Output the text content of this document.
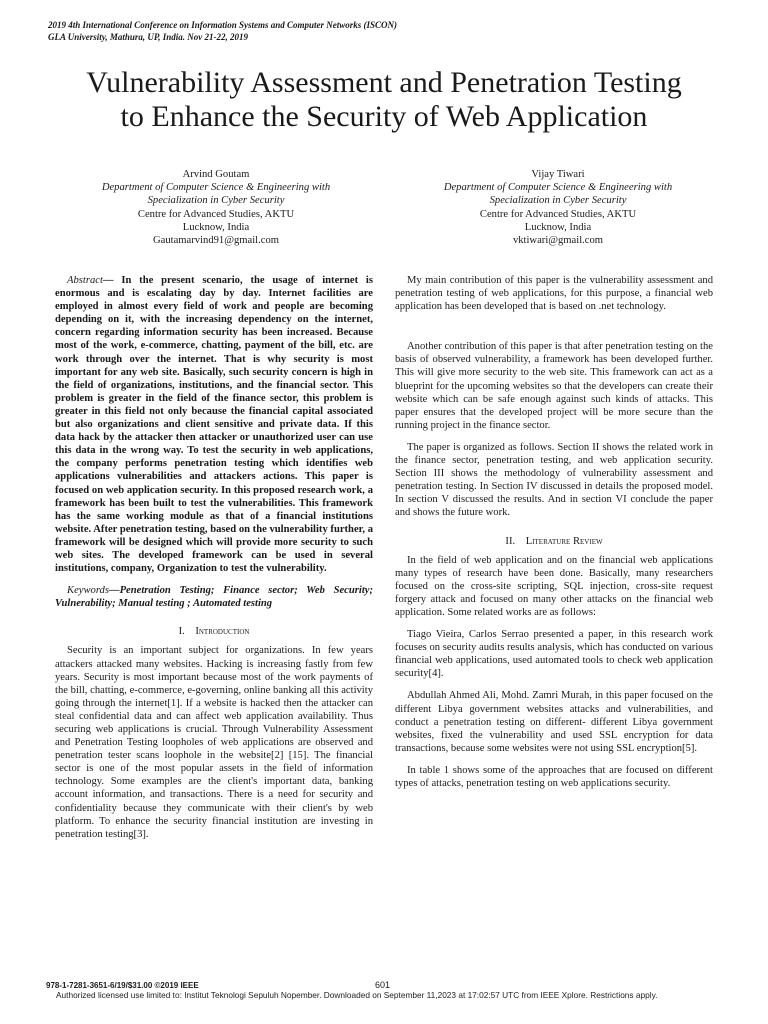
2019 4th International Conference on Information Systems and Computer Networks (ISCON)
GLA University, Mathura, UP, India. Nov 21-22, 2019
Vulnerability Assessment and Penetration Testing
to Enhance the Security of Web Application
Arvind Goutam
Department of Computer Science & Engineering with
Specialization in Cyber Security
Centre for Advanced Studies, AKTU
Lucknow, India
Gautamarvind91@gmail.com
Vijay Tiwari
Department of Computer Science & Engineering with
Specialization in Cyber Security
Centre for Advanced Studies, AKTU
Lucknow, India
vktiwari@gmail.com

Abstract— In the present scenario, the usage of internet is enormous and is escalating day by day. Internet facilities are employed in almost every field of work and people are becoming depending on it, with the increasing dependency on the internet, concern regarding information security has been increased. Because most of the work, e-commerce, chatting, payment of the bill, etc. are work through over the internet. That is why security is most important for any web site. Basically, such security concern is high in the field of organizations, institutions, and the financial sector. This problem is greater in the field of the finance sector, this problem is greater in this field not only because the financial capital associated but also organizations and client sensitive and private data. If this data hack by the attacker then attacker or unauthorized user can use this data in the wrong way. To test the security in web applications, the company performs penetration testing which identifies web applications vulnerabilities and attackers actions. This paper is focused on web application security. In this proposed research work, a framework has been built to test the vulnerabilities. This framework has the same working module as that of a financial institutions website. After penetration testing, based on the vulnerability further, a framework will be designed which will provide more security to such web sites. The developed framework can be used in several institutions, company, Organization to test the vulnerability.

Keywords—Penetration Testing; Finance sector; Web Security; Vulnerability; Manual testing ; Automated testing

I. Introduction

Security is an important subject for organizations. In few years attackers attacked many websites. Hacking is increasing fastly from few years. Security is most important because most of the work payments of the bill, chatting, e-commerce, e-governing, online banking all this activity going through the internet[1]. If a website is hacked then the attacker can steal confidential data and can affect web application availability. Thus securing web applications is crucial. Through Vulnerability Assessment and Penetration Testing loopholes of web applications are observed and penetration tester scans loophole in the website[2] [15]. The financial sector is one of the most popular assets in the field of information technology. Some examples are the client's important data, banking account information, and transactions. There is a need for security and confidentiality because they communicate with their client's by web platform. To enhance the security financial institution are investing in penetration testing[3].

My main contribution of this paper is the vulnerability assessment and penetration testing of web applications, for this purpose, a financial web application has been developed that is based on .net technology.

Another contribution of this paper is that after penetration testing on the basis of observed vulnerability, a framework has been developed further. This will give more security to the web site. This framework can act as a blueprint for the upcoming websites so that the developers can create their website which can be safe enough against such kinds of attacks. This paper ensures that the developed project will be more secure than the running project in the finance sector.

The paper is organized as follows. Section II shows the related work in the finance sector, penetration testing, and web application security. Section III shows the methodology of vulnerability assessment and penetration testing. In Section IV discussed in details the proposed model. In section V discussed the results. And in section VI conclude the paper and shows the future work.

II. Literature Review

In the field of web application and on the financial web applications many types of research have been done. Basically, many researchers focused on the cross-site scripting, SQL injection, cross-site request forgery attack and focused on many other attacks on the financial web application. Some related works are as follows:

Tiago Vieira, Carlos Serrao presented a paper, in this research work focuses on security audits results analysis, which has conducted on various financial web applications, used automated tools to check web application security[4].

Abdullah Ahmed Ali, Mohd. Zamri Murah, in this paper focused on the different Libya government websites attacks and vulnerabilities, and conduct a penetration testing on different- different Libya government websites, fixed the vulnerability and used SSL encryption for data transactions, because some websites were not using SSL encryption[5].

In table 1 shows some of the approaches that are focused on different types of attacks, penetration testing on web applications security.

978-1-7281-3651-6/19/$31.00 ©2019 IEEE	601
Authorized licensed use limited to: Institut Teknologi Sepuluh Nopember. Downloaded on September 11,2023 at 17:02:57 UTC from IEEE Xplore. Restrictions apply.
